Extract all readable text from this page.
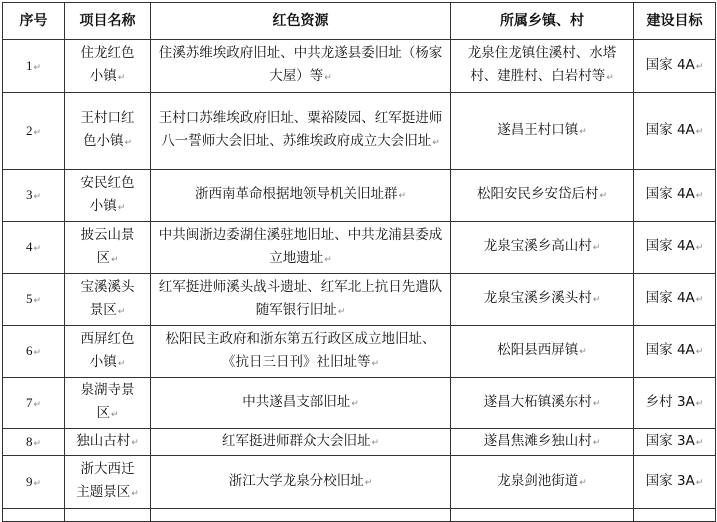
序号	项目名称	红色资源	所属乡镇、村	建设目标
1↵	住龙红色小镇↵	住溪苏维埃政府旧址、中共龙遂县委旧址（杨家大屋）等↵	龙泉住龙镇住溪村、水塔村、建胜村、白岩村等↵	国家 4A↵
2↵	王村口红色小镇↵	王村口苏维埃政府旧址、粟裕陵园、红军挺进师八一誓师大会旧址、苏维埃政府成立大会旧址↵	遂昌王村口镇↵	国家 4A↵
3↵	安民红色小镇↵	浙西南革命根据地领导机关旧址群↵	松阳安民乡安岱后村↵	国家 4A↵
4↵	披云山景区↵	中共闽浙边委湖住溪驻地旧址、中共龙浦县委成立地遗址↵	龙泉宝溪乡高山村↵	国家 4A↵
5↵	宝溪溪头景区↵	红军挺进师溪头战斗遗址、红军北上抗日先遣队随军银行旧址↵	龙泉宝溪乡溪头村↵	国家 4A↵
6↵	西屏红色小镇↵	松阳民主政府和浙东第五行政区成立地旧址、《抗日三日刊》社旧址等↵	松阳县西屏镇↵	国家 4A↵
7↵	泉湖寺景区↵	中共遂昌支部旧址↵	遂昌大柘镇溪东村↵	乡村 3A↵
8↵	独山古村↵	红军挺进师群众大会旧址↵	遂昌焦滩乡独山村↵	国家 3A↵
9↵	浙大西迁主题景区↵	浙江大学龙泉分校旧址↵	龙泉剑池街道↵	国家 3A↵
